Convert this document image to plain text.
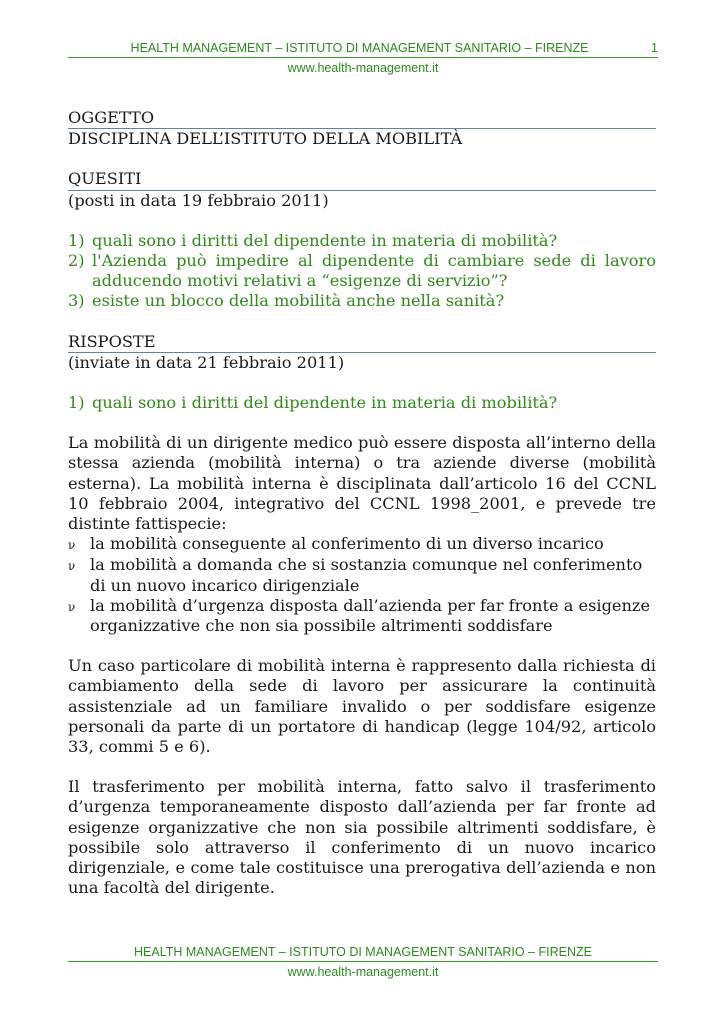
HEALTH MANAGEMENT – ISTITUTO DI MANAGEMENT SANITARIO – FIRENZE	1
www.health-management.it
OGGETTO
DISCIPLINA DELL’ISTITUTO DELLA MOBILITÀ
QUESITI
(posti in data 19 febbraio 2011)
1) quali sono i diritti del dipendente in materia di mobilità?
2) l'Azienda può impedire al dipendente di cambiare sede di lavoro adducendo motivi relativi a “esigenze di servizio”?
3) esiste un blocco della mobilità anche nella sanità?
RISPOSTE
(inviate in data 21 febbraio 2011)
1) quali sono i diritti del dipendente in materia di mobilità?

La mobilità di un dirigente medico può essere disposta all’interno della stessa azienda (mobilità interna) o tra aziende diverse (mobilità esterna). La mobilità interna è disciplinata dall’articolo 16 del CCNL 10 febbraio 2004, integrativo del CCNL 1998_2001, e prevede tre distinte fattispecie:

ν la mobilità conseguente al conferimento di un diverso incarico
ν la mobilità a domanda che si sostanzia comunque nel conferimento di un nuovo incarico dirigenziale
ν la mobilità d’urgenza disposta dall’azienda per far fronte a esigenze organizzative che non sia possibile altrimenti soddisfare

Un caso particolare di mobilità interna è rappresento dalla richiesta di cambiamento della sede di lavoro per assicurare la continuità assistenziale ad un familiare invalido o per soddisfare esigenze personali da parte di un portatore di handicap (legge 104/92, articolo 33, commi 5 e 6).

Il trasferimento per mobilità interna, fatto salvo il trasferimento d’urgenza temporaneamente disposto dall’azienda per far fronte ad esigenze organizzative che non sia possibile altrimenti soddisfare, è possibile solo attraverso il conferimento di un nuovo incarico dirigenziale, e come tale costituisce una prerogativa dell’azienda e non una facoltà del dirigente.

HEALTH MANAGEMENT – ISTITUTO DI MANAGEMENT SANITARIO – FIRENZE
www.health-management.it
